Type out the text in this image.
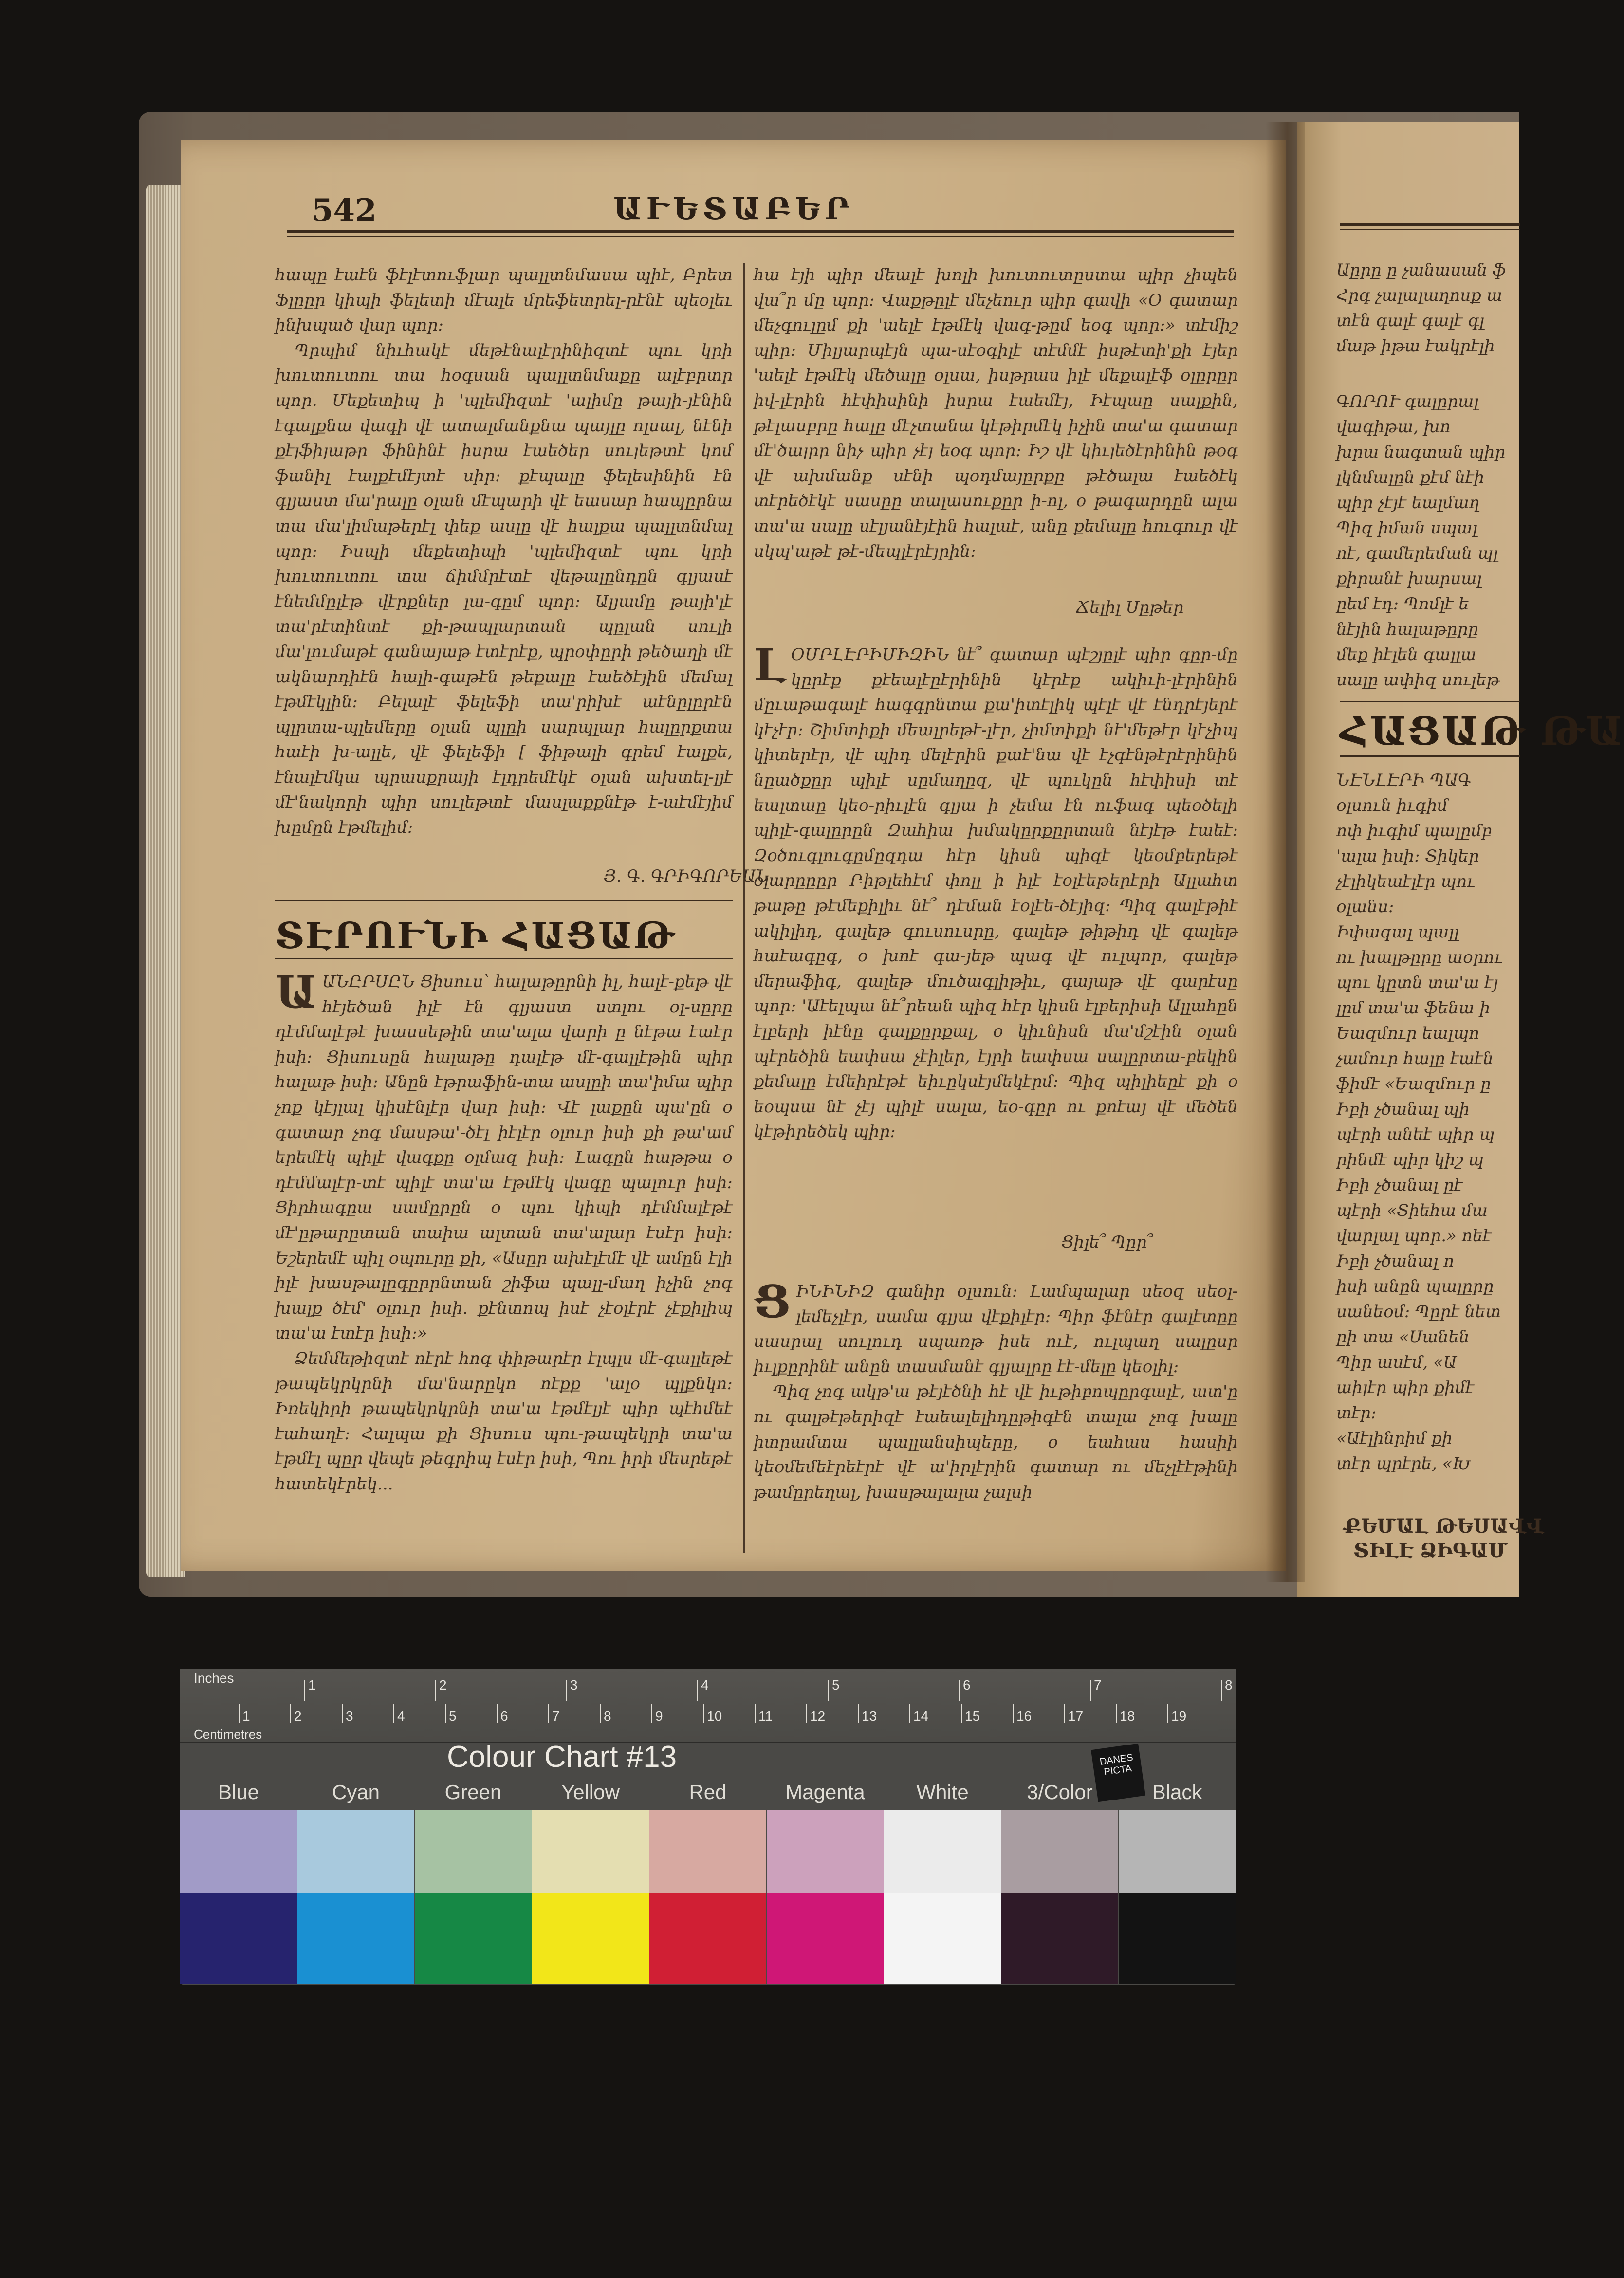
542	ԱՒԵՏԱԲԵՐ

հապը էաէն ֆէլէտուֆլար պալլտնմասա պիէ, Բրետ Ֆլըըր կիպի ֆելետի մէալե մրեֆետրել-րէնէ պեօլեւ ինխպած վար պոր։

Պրպիմ նիւհակէ մեթէնալէրինիզտէ պու կրի խուտուտու տա հօգսան պալլտնմաքը ալէբրտր պոր. Մեքետիպ ի 'պլեմիզտէ 'ալիմը թայի-յէնին էգալքնա վագի վէ ատալմանքնա պայլը ոլսալ, նէնի քէյֆիյաթը ֆինինէ իսրա էաեծեր սուլեթտէ կոմ ֆանիլ էալքէմէյտէ սիր։ քէպալը ֆելեսինին էն գլյաստ մա'րալը օլան մէպարի վէ եասար հապըրնա տա մա'լիմաթերէլ փեք ասլը վէ հալքա պալլտնմալ պոր։ Իսպի մեքետիպի 'պլեմիզտէ պու կրի խուտուտու տա ճիմմրէտէ վեթալընդըն գլյասէ էնեմմըլէթ վէրքներ լա-գըմ պոր։ Ալյամը թայի'լէ տա'րէտինտէ քի-թապլարտան պըլան սուլի մա'լումաթէ գանայաթ էտէրէք, պրօփըրի թեծաղի մէ ակնարդիէն հալի-գաթէն թեքալը էաեծէյին մեմալ էթմէկլին։ Բելալէ ֆելեֆի տա'րիխէ աէնըլըրէն պլրտա-պլեմերը օլան պլըի սարպլար հալըրքտա հաէի խ-ալլե, վէ ֆելեֆի [ ֆիթալի գրեմ էալքե, էնալէմկա պրասքրայի էլդրեմէկէ օլան ախտել-լյէ մէ'նակորի պիր սուլեթտէ մասլաքքնէթ է-աէմէյիմ խըմըն էթմելիմ։

Յ. Գ. ԳՐԻԳՈՐԵԱՆ
ՏԷՐՈՒՆԻ ՀԱՑԱԹ

ԱԱՆԸՐՍԸՆ Ցիսուս՝ հալաթըրնի իլ, հալէ-քեթ վէ հէյեծան իլէ էն գլյաստ ստլու օլ-սըրը դէմմալէթէ խասսեթին տա'ալա վարի ը նէթա էաէր իսի։ Ցիսուսըն հալաթը դալէթ մէ-գալլէթին պիր հալաթ իսի։ Անըն էթրաֆին-տա ասլըի տա'իմա պիր չոք կէյլալ կիսէնլէր վար իսի։ Վէ լաքըն պա'ըն օ գատար չոգ մասթա'-ծէլ իէլէր օլուր իսի քի թա'ամ երեմէկ պիլէ վագքը օլմազ իսի։ Լագըն հաթթա օ դէմմալէր-տէ պիլէ տա'ա էթմէկ վագը պալուր իսի։ Ցիրհագըա սամըրըն օ պու կիպի դէմմալէթէ մէ'ըթարըտան տաիա ալտան տա'ալար էսէր իսի։ Եշերեմէ պիլ օպուրը քի, «Ասըր ախէլէմէ վէ ամըն էլի իլէ խասթալըգըրրնտան շիֆա պալլ-մաղ իչին չոգ խալք ծէմ' օլուր իսի. քէնտոպ իսէ չէօլէրէ չէքիլիպ տա'ա էտէր իսի։»

Ձեմմեթիզտէ ոէրէ հոգ փիթարէր էլպլս մէ-գալլեթէ թապեկրկրնի մա'նարըկո ոէքք 'ալօ պլքնկո։ Իռեկիրի թապեկրկրնի տա'ա էթմէլյէ պիր պէհմեէ էահաղէ։ Հալպա քի Ցիսուս պու-թապեկրի տա'ա էթմէլ պըր վեպե թեգրիպ էսէր իսի, Պու իրի մեսրեթէ հատեկէրեկ...

հա էյի պիր մեալէ խոլի խուտուտըստա պիր չիպեն վա՞ր մը պոր։ Վաքթըլէ մեչեուր պիր գավի «Օ գատար մեչգուլըմ քի 'աելէ էթմէկ վագ-թըմ եօգ պոր։» տէմիշ պիր։ Միլյարպէյն պա-սէօգիլէ տէմմէ իսթէտի'քի էյեր 'աելէ էթմէկ մեծալը օլսա, իսթրաս իլէ մեքալէֆ օլըրըր իվ-լէրին հէփիսինի իսրա էաեմէյ, Իէպաը սալքին, թէլասբրը հալը մէչտանա կէթիրմէկ իչին տա'ա գատար մէ'ծալըր նիչ պիր չէյ եօգ պոր։ Իշ վէ կիւլեծէրինին թօգ վէ ախմանք սէնի պօդմայըրքը թէծալա էաեծէկ տէրեծէկէ սասըը տալասուքըր ի-ոլ, օ թագարդըն ալա տա'ա սալը սէլյանէյէին հալաէ, անը քեմալը հուգուր վէ սկպ'աթէ թէ-մեպլէրէյրին։

Ճելիլ Սըթեր

ԼՕՄՐԼԷՐԻՄԻԶԻՆ նէ՞ գատար պէշյըլէ պիր գըր-մը կըրէք քէեալէըէրինին կէրէք ակիւի-լէրինին մըւաթագալէ հագգրնտա քա'իտէլիկ պէլէ վէ էնդրէյերէ կէչէր։ Շիմտիքի մեալրեթէ-լէր, չիմտիքի նէ'մեթէր կէչիպ կիտերէր, վէ պիդ մելէրին քաէ'նա վէ էչգէնթէրէրինին նըածքըր պիլէ սըմաղըզ, վէ պուկըն հէփիսի տէ եալտաը կեօ-րիւլէն գլյա ի չեմա էն ուֆագ պեօծելի պիլէ-գալըրըն Զահիա խմակըրքըրտան նէյէթ էաեէ։ Զօծուգլուգըմըզդա հէր կիսն պիզէ կեօմբերեթէ օլարըըըր Բիթլեհէմ փոլլ ի իլէ էօլէեթերէրի Ալլահտ թաթը թէմեքիլիւ նէ՞ դէման էօլէե-ծէյիզ։ Պիզ գալէթիէ ակիլիդ, գալեթ գուսուսրը, գալեթ թիթիդ վէ գալեթ հաէագըգ, օ խոէ գա-յեթ պագ վէ ուլպոր, գալեթ մերաֆիգ, գալեթ մուծագլիթիւ, գայաթ վէ գարէսը պոր։ 'Աէելպա նէ՞րեան պիզ հէր կիսն էլբերիսի Ալլահըն էլբերի իէնը գալքըրքալ, օ կիւնիսն մա'մշէին օլան պէրեծին եափսա չէիլեր, էյրի եափսա սալըրտա-բեկին քեմալը էմեիրէթէ եիւըկսէյմեկէրմ։ Պիզ պիլիեըէ քի օ եօպսա նէ չէյ պիլէ սալա, եօ-գըր ու քոէայ վէ մեծեն կէթիրեծեկ պիր։

Ցիլե՞ Պըր՞

ՑԻՆԻՆԻԶ գանիր օլսուն։ Լամպալար սեօզ սեօլ-լեմեչլէր, սամա գլյա վէքիլէր։ Պիր ֆէնէր գալէտըը սասրալ սուլուդ սպառթ իսե ուէ, ուլպաղ սալըսր իւլքըրինէ անըն տասմանէ գլյալրը էէ-մելը կեօլիլ։

Պիզ չոգ ակթ'ա թէյէծնի հէ վէ իւթիբոպըրգալէ, ատ'ը ու գալթէթերիզէ էաեալելիդըթիգէն տալա չոգ խալը իտրամտա պալլանսիպերը, օ եահաս հասիի կեօմեմեէրեէրէ վէ ա'իրլէրին գատար ու մեչլէէթինի թամըրեղալ, խասթալալա չալսի

Աըրը ը չանասան ֆ
Հրգ չալալաղոսք ա
տէն գալէ գալէ գլ
մաթ իթա էակրէլի
ԳՈՐՈՒ գալըրալ
վագիթա, խո
խրա նագտան պիր
լկնմալըն քէմ նէի
պիր չէյէ եալմաղ
Պիզ իման սպալ
ոէ, գամերեման պլ
քիրանէ խարսալ
ըեմ էդ։ Պոմլէ ե
նէյին հալաթըրը
մեք իէլեն գալլա
սալը ափիզ սուլեթ
ՀԱՑԱԹ ԹԱ
ՆԷՆԼԷՐԻ ՊԱԳ
օլսուն իւգիմ
ոփ իւգիմ պալըմբ
'ալա իսի։ Տիկեր
չէլիկեաէլէր պու
օլանս։
Իփագալ պալլ
ու խալթըրը աօրու
պու կըտն տա'ա էյ
լըմ տա'ա ֆենա ի
Եազմուր եալպո
չամուր հալը էաէն
ֆիմէ «Եազմուր ը
Իբի չծանալ պի
պէրի անեէ պիր պ
րինմէ պիր կիշ պ
Իբի չծանալ ըէ
պէրի «Տիեհա մա
վարլալ պոր.» ոեէ
Իբի չծանալ ո
իսի անըն պալըրը
սանեօմ։ Պըրէ նետ
ըի տա «Սանեն
Պիր ասէմ, «Ա
աիլէր պիր քիմէ
տէր։
«Աէլինրիմ քի
տէր պրէրե, «Խ
ՔԵՄԱԼ ԹԵՍԱՎՎ
ՏԻԼԷ ՁԻԳԱՄ
Inches
Centimetres
1	2	3	4	5	6	7	8
1	2	3	4	5	6	7	8	9	10	11	12	13	14	15	16	17	18	19
Colour Chart #13	DANES PICTA
Blue	Cyan	Green	Yellow	Red	Magenta	White	3/Color	Black
